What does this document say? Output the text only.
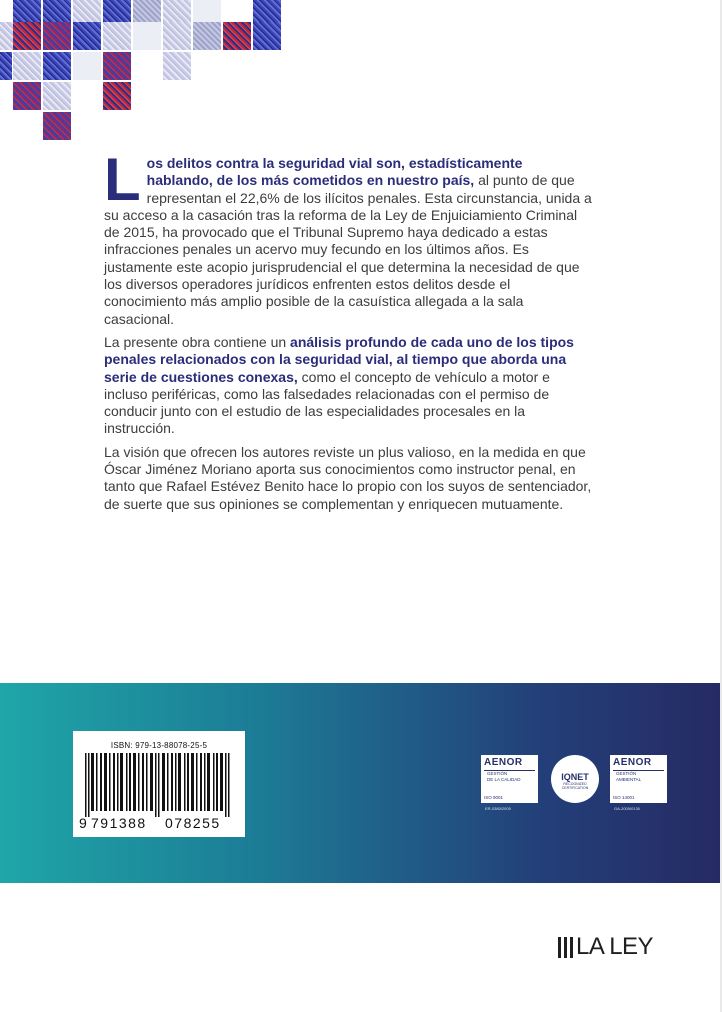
Los delitos contra la seguridad vial son, estadísticamente hablando, de los más cometidos en nuestro país, al punto de que representan el 22,6% de los ilícitos penales. Esta circunstancia, unida a su acceso a la casación tras la reforma de la Ley de Enjuiciamiento Criminal de 2015, ha provocado que el Tribunal Supremo haya dedicado a estas infracciones penales un acervo muy fecundo en los últimos años. Es justamente este acopio jurisprudencial el que determina la necesidad de que los diversos operadores jurídicos enfrenten estos delitos desde el conocimiento más amplio posible de la casuística allegada a la sala casacional.

La presente obra contiene un análisis profundo de cada uno de los tipos penales relacionados con la seguridad vial, al tiempo que aborda una serie de cuestiones conexas, como el concepto de vehículo a motor e incluso periféricas, como las falsedades relacionadas con el permiso de conducir junto con el estudio de las especialidades procesales en la instrucción.

La visión que ofrecen los autores reviste un plus valioso, en la medida en que Óscar Jiménez Moriano aporta sus conocimientos como instructor penal, en tanto que Rafael Estévez Benito hace lo propio con los suyos de sentenciador, de suerte que sus opiniones se complementan y enriquecen mutuamente.

ISBN: 979-13-88078-25-5
9 791388	078255
AENOR
GESTIÓN
DE LA CALIDAD
ISO 9001
ER-0380/2005
IQNET
RECOGNIZED CERTIFICATION
AENOR
GESTIÓN
AMBIENTAL
ISO 14001
GA-2005/0130
LA LEY
